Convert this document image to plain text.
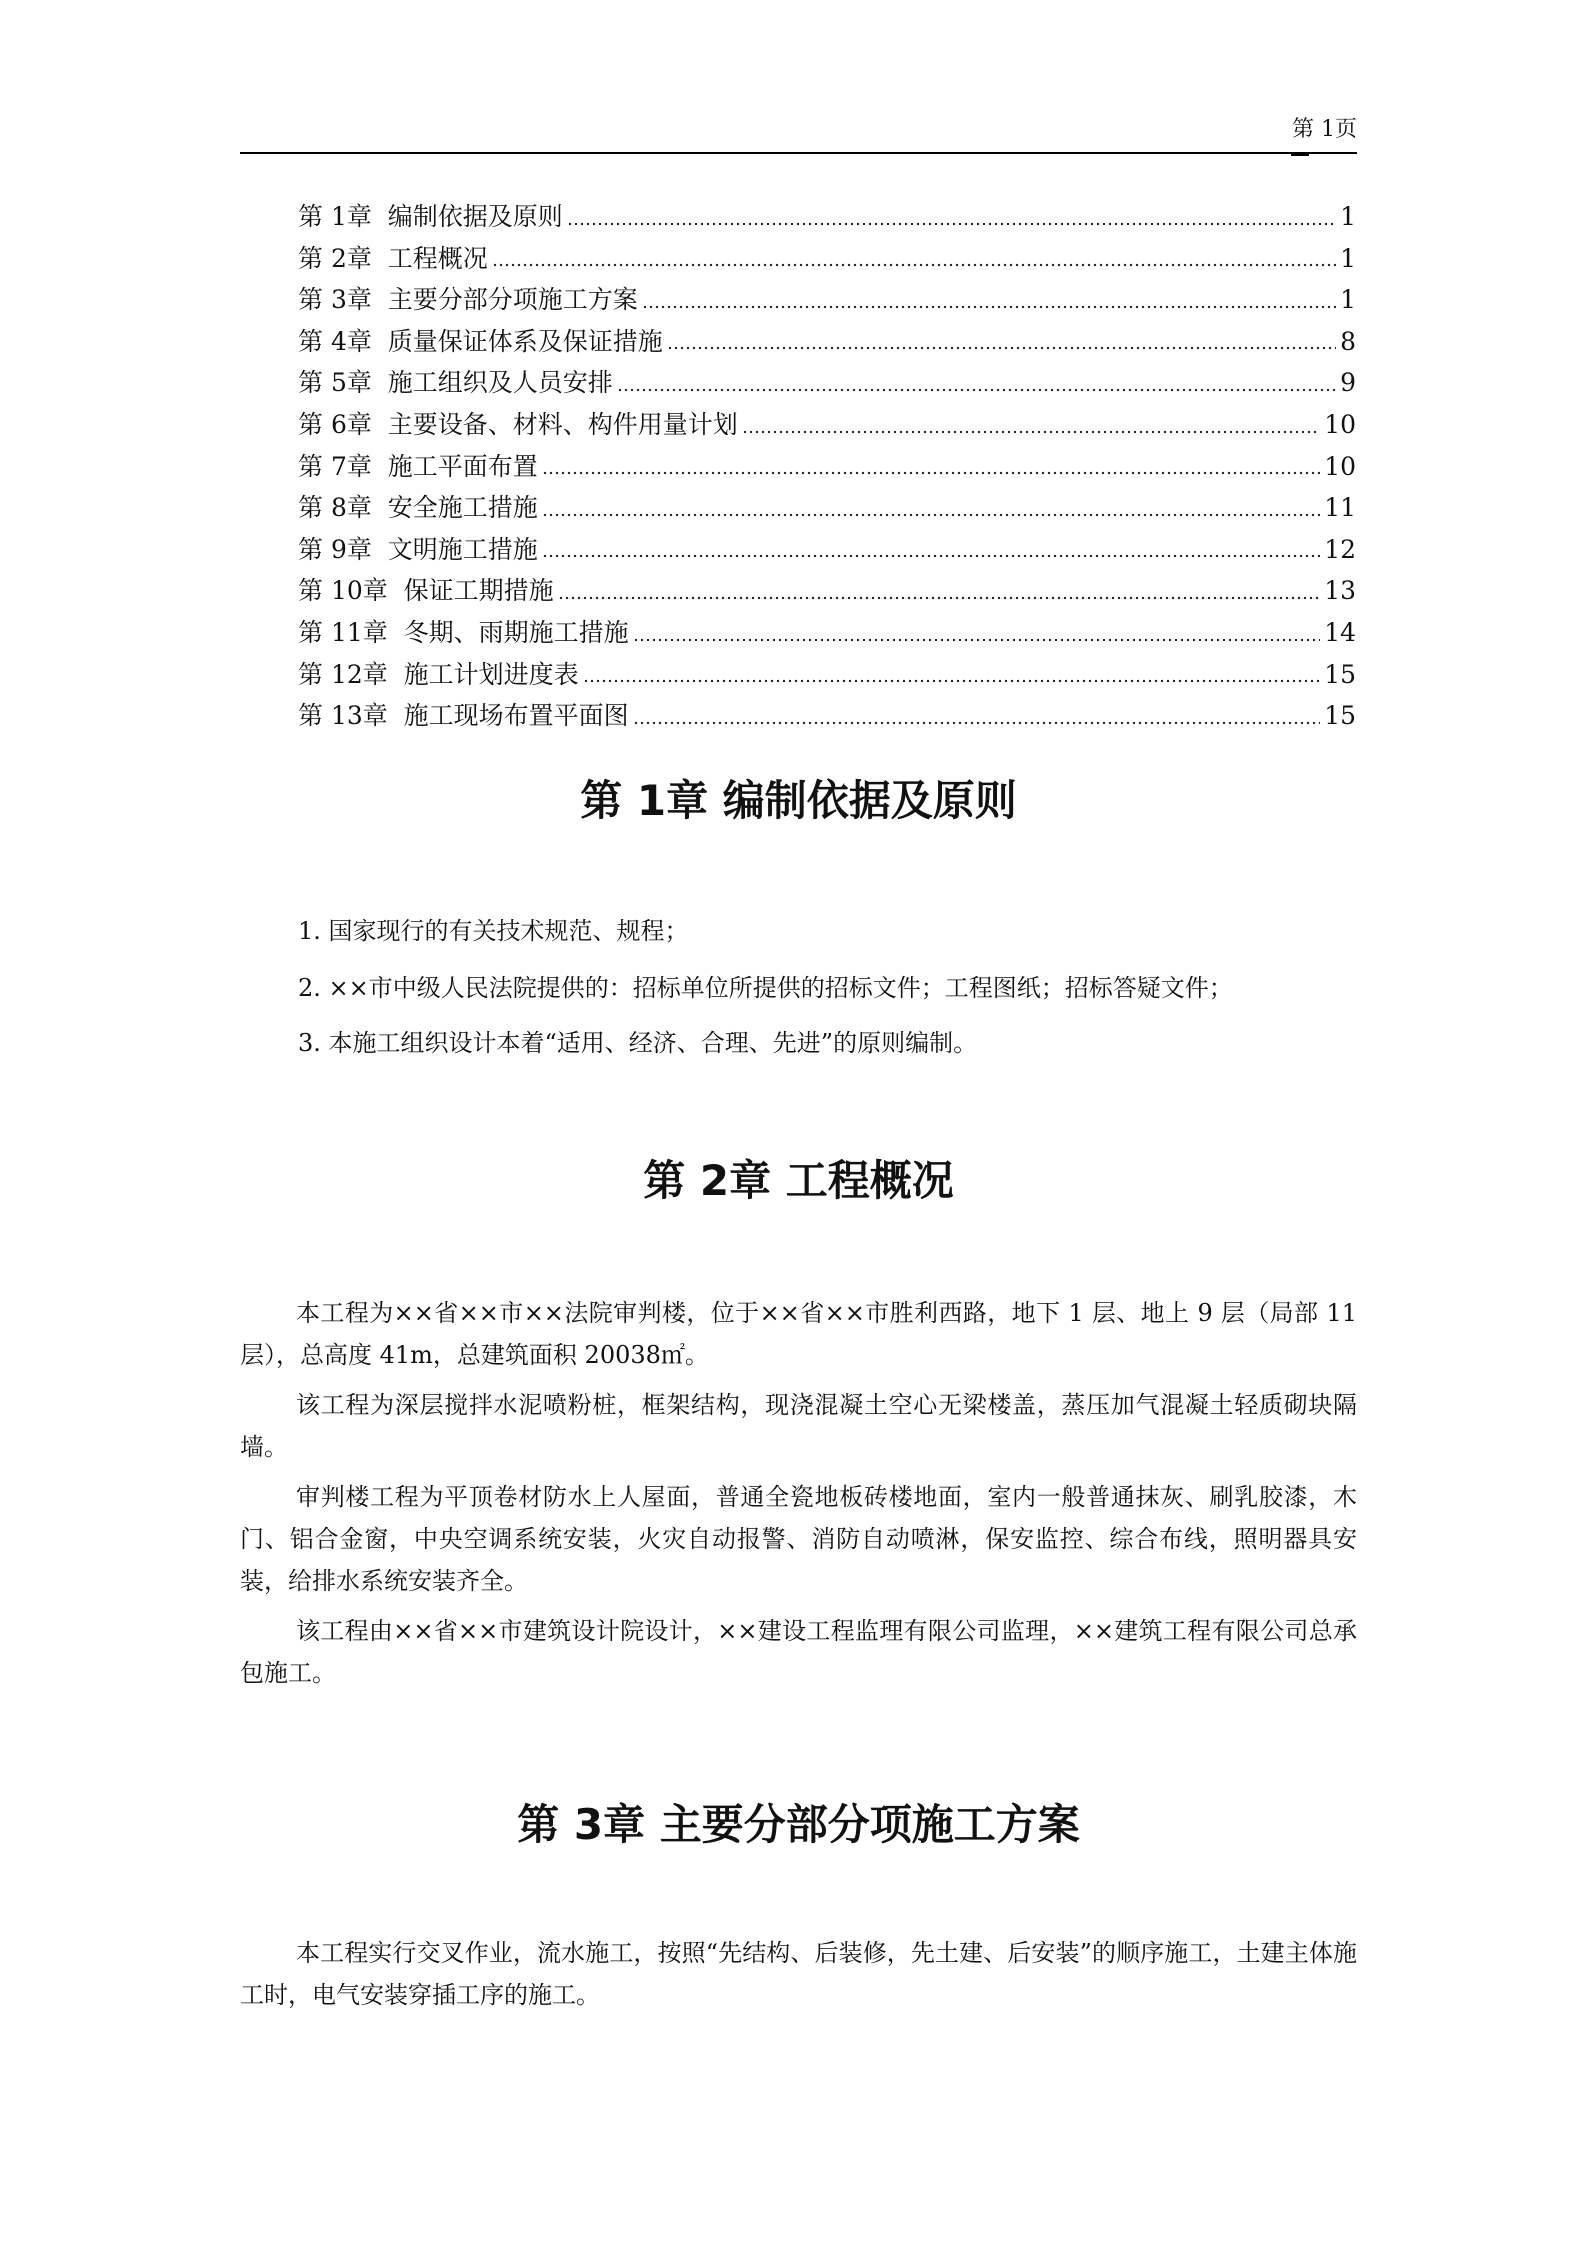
第 1页
第 1章 编制依据及原则	1
第 2章 工程概况	1
第 3章 主要分部分项施工方案	1
第 4章 质量保证体系及保证措施	8
第 5章 施工组织及人员安排	9
第 6章 主要设备、材料、构件用量计划	10
第 7章 施工平面布置	10
第 8章 安全施工措施	11
第 9章 文明施工措施	12
第 10章 保证工期措施	13
第 11章 冬期、雨期施工措施	14
第 12章 施工计划进度表	15
第 13章 施工现场布置平面图	15
第 1章 编制依据及原则
1. 国家现行的有关技术规范、规程；
2. ××市中级人民法院提供的：招标单位所提供的招标文件；工程图纸；招标答疑文件；
3. 本施工组织设计本着“适用、经济、合理、先进”的原则编制。
第 2章 工程概况

本工程为××省××市××法院审判楼，位于××省××市胜利西路，地下 1 层、地上 9 层（局部 11 层），总高度 41m，总建筑面积 20038㎡。

该工程为深层搅拌水泥喷粉桩，框架结构，现浇混凝土空心无梁楼盖，蒸压加气混凝土轻质砌块隔墙。

审判楼工程为平顶卷材防水上人屋面，普通全瓷地板砖楼地面，室内一般普通抹灰、刷乳胶漆，木门、铝合金窗，中央空调系统安装，火灾自动报警、消防自动喷淋，保安监控、综合布线，照明器具安装，给排水系统安装齐全。

该工程由××省××市建筑设计院设计，××建设工程监理有限公司监理，××建筑工程有限公司总承包施工。

第 3章 主要分部分项施工方案

本工程实行交叉作业，流水施工，按照“先结构、后装修，先土建、后安装”的顺序施工，土建主体施工时，电气安装穿插工序的施工。
